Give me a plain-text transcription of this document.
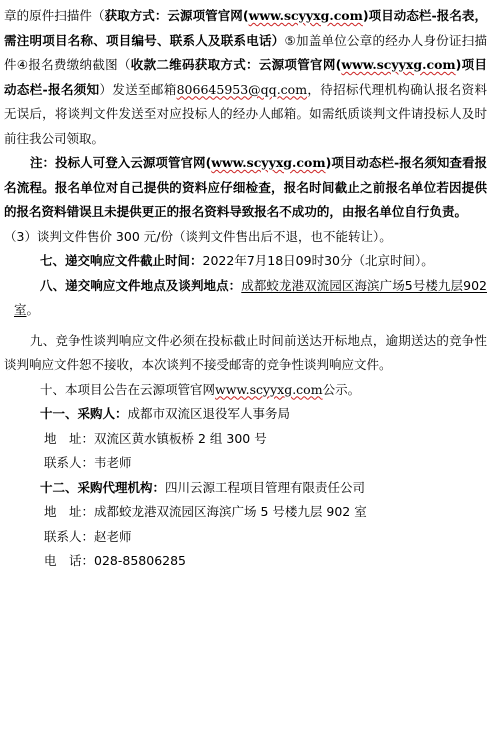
章的原件扫描件（获取方式：云源项管官网(www.scyyxg.com)项目动态栏-报名表，需注明项目名称、项目编号、联系人及联系电话）⑤加盖单位公章的经办人身份证扫描件④报名费缴纳截图（收款二维码获取方式：云源项管官网(www.scyyxg.com)项目动态栏-报名须知）发送至邮箱806645953@qq.com，待招标代理机构确认报名资料无误后，将谈判文件发送至对应投标人的经办人邮箱。如需纸质谈判文件请投标人及时前往我公司领取。
注：投标人可登入云源项管官网(www.scyyxg.com)项目动态栏-报名须知查看报名流程。报名单位对自己提供的资料应仔细检查，报名时间截止之前报名单位若因提供的报名资料错误且未提供更正的报名资料导致报名不成功的，由报名单位自行负责。（3）谈判文件售价 300 元/份（谈判文件售出后不退，也不能转让）。
七、递交响应文件截止时间：2022年7月18日09时30分（北京时间）。
八、递交响应文件地点及谈判地点：成都蛟龙港双流园区海滨广场5号楼九层902室。
九、竞争性谈判响应文件必须在投标截止时间前送达开标地点，逾期送达的竞争性谈判响应文件恕不接收，本次谈判不接受邮寄的竞争性谈判响应文件。
十、本项目公告在云源项管官网www.scyyxg.com公示。
十一、采购人：成都市双流区退役军人事务局
地　址：双流区黄水镇板桥 2 组 300 号
联系人：韦老师
十二、采购代理机构：四川云源工程项目管理有限责任公司
地　址：成都蛟龙港双流园区海滨广场 5 号楼九层 902 室
联系人：赵老师
电　话：028-85806285
